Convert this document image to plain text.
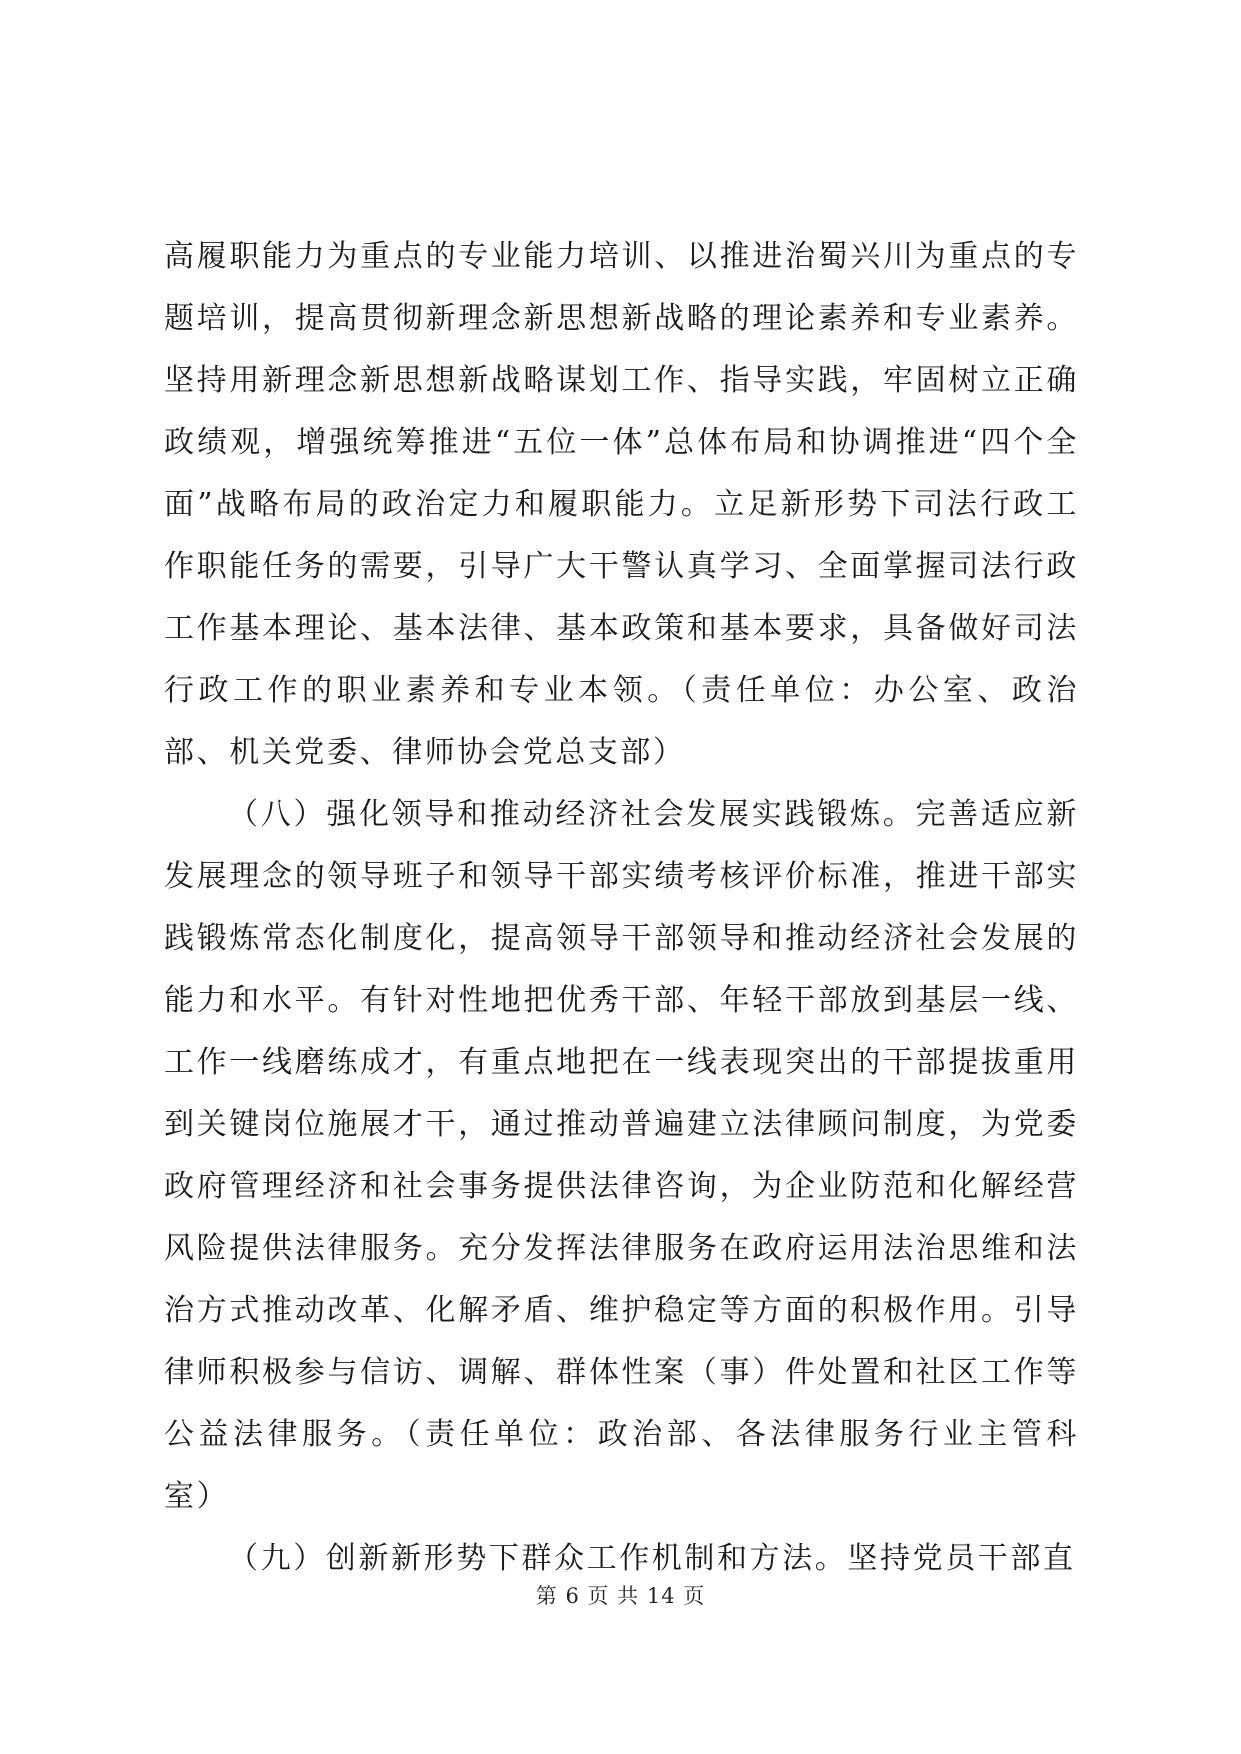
高履职能力为重点的专业能力培训、以推进治蜀兴川为重点的专题培训，提高贯彻新理念新思想新战略的理论素养和专业素养。坚持用新理念新思想新战略谋划工作、指导实践，牢固树立正确政绩观，增强统筹推进“五位一体”总体布局和协调推进“四个全面”战略布局的政治定力和履职能力。立足新形势下司法行政工作职能任务的需要，引导广大干警认真学习、全面掌握司法行政工作基本理论、基本法律、基本政策和基本要求，具备做好司法行政工作的职业素养和专业本领。（责任单位：办公室、政治部、机关党委、律师协会党总支部）

（八）强化领导和推动经济社会发展实践锻炼。完善适应新发展理念的领导班子和领导干部实绩考核评价标准，推进干部实践锻炼常态化制度化，提高领导干部领导和推动经济社会发展的能力和水平。有针对性地把优秀干部、年轻干部放到基层一线、工作一线磨练成才，有重点地把在一线表现突出的干部提拔重用到关键岗位施展才干，通过推动普遍建立法律顾问制度，为党委政府管理经济和社会事务提供法律咨询，为企业防范和化解经营风险提供法律服务。充分发挥法律服务在政府运用法治思维和法治方式推动改革、化解矛盾、维护稳定等方面的积极作用。引导律师积极参与信访、调解、群体性案（事）件处置和社区工作等公益法律服务。（责任单位：政治部、各法律服务行业主管科室）

（九）创新新形势下群众工作机制和方法。坚持党员干部直

第 6 页 共 14 页
